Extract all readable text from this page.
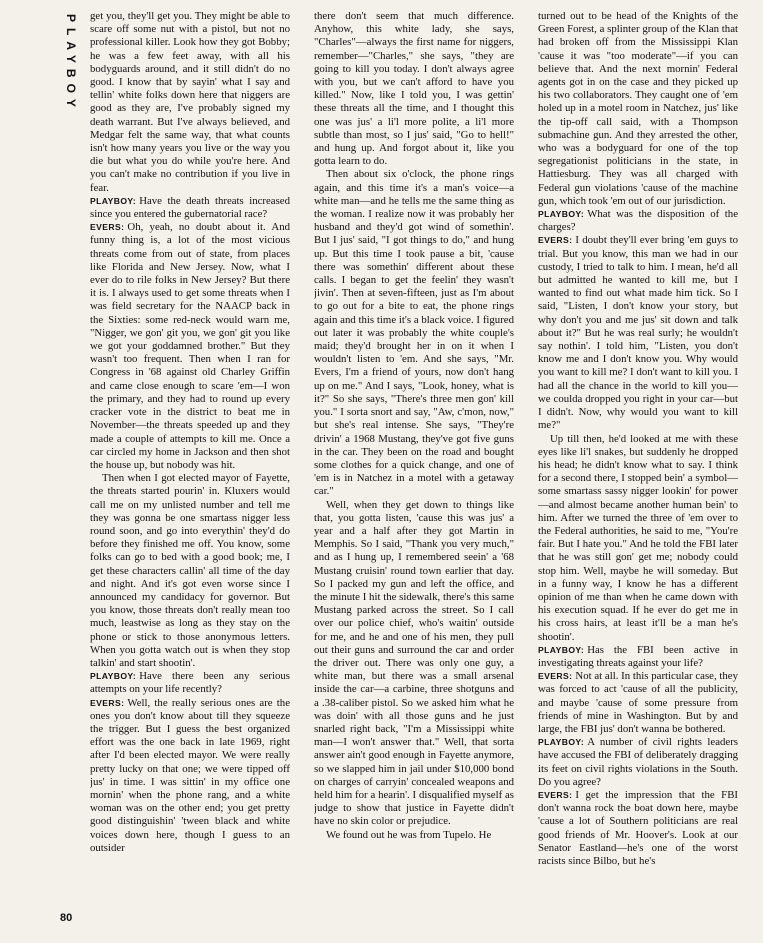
PLAYBOY get you, they'll get you. They might be able to scare off some nut with a pistol, but not no professional killer. Look how they got Bobby; he was a few feet away, with all his bodyguards around, and it still didn't do no good. I know that by sayin' what I say and tellin' white folks down here that niggers are good as they are, I've probably signed my death warrant. But I've always believed, and Medgar felt the same way, that what counts isn't how many years you live or the way you die but what you do while you're here. And you can't make no contribution if you live in fear.

PLAYBOY: Have the death threats increased since you entered the gubernatorial race?

EVERS: Oh, yeah, no doubt about it. And funny thing is, a lot of the most vicious threats come from out of state, from places like Florida and New Jersey. Now, what I ever do to rile folks in New Jersey? But there it is. I always used to get some threats when I was field secretary for the NAACP back in the Sixties: some red-neck would warn me, "Nigger, we gon' git you, we gon' git you like we got your goddamned brother." But they wasn't too frequent. Then when I ran for Congress in '68 against old Charley Griffin and came close enough to scare 'em—I won the primary, and they had to round up every cracker vote in the district to beat me in November—the threats speeded up and they made a couple of attempts to kill me. Once a car circled my home in Jackson and then shot the house up, but nobody was hit.

Then when I got elected mayor of Fayette, the threats started pourin' in. Kluxers would call me on my unlisted number and tell me they was gonna be one smartass nigger less round soon, and go into everythin' they'd do before they finished me off. You know, some folks can go to bed with a good book; me, I get these characters callin' all time of the day and night. And it's got even worse since I announced my candidacy for governor. But you know, those threats don't really mean too much, leastwise as long as they stay on the phone or stick to those anonymous letters. When you gotta watch out is when they stop talkin' and start shootin'.

PLAYBOY: Have there been any serious attempts on your life recently?

EVERS: Well, the really serious ones are the ones you don't know about till they squeeze the trigger. But I guess the best organized effort was the one back in late 1969, right after I'd been elected mayor. We were really pretty lucky on that one; we were tipped off jus' in time. I was sittin' in my office one mornin' when the phone rang, and a white woman was on the other end; you get pretty good distinguishin' 'tween black and white voices down here, though I guess to an outsider

there don't seem that much difference. Anyhow, this white lady, she says, "Charles"—always the first name for niggers, remember—"Charles," she says, "they are going to kill you today. I don't always agree with you, but we can't afford to have you killed." Now, like I told you, I was gettin' these threats all the time, and I thought this one was jus' a li'l more polite, a li'l more subtle than most, so I jus' said, "Go to hell!" and hung up. And forgot about it, like you gotta learn to do.

Then about six o'clock, the phone rings again, and this time it's a man's voice—a white man—and he tells me the same thing as the woman. I realize now it was probably her husband and they'd got wind of somethin'. But I jus' said, "I got things to do," and hung up. But this time I took pause a bit, 'cause there was somethin' different about these calls. I began to get the feelin' they wasn't jivin'. Then at seven-fifteen, just as I'm about to go out for a bite to eat, the phone rings again and this time it's a black voice. I figured out later it was probably the white couple's maid; they'd brought her in on it when I wouldn't listen to 'em. And she says, "Mr. Evers, I'm a friend of yours, now don't hang up on me." And I says, "Look, honey, what is it?" So she says, "There's three men gon' kill you." I sorta snort and say, "Aw, c'mon, now," but she's real intense. She says, "They're drivin' a 1968 Mustang, they've got five guns in the car. They been on the road and bought some clothes for a quick change, and one of 'em is in Natchez in a motel with a getaway car."

Well, when they get down to things like that, you gotta listen, 'cause this was jus' a year and a half after they got Martin in Memphis. So I said, "Thank you very much," and as I hung up, I remembered seein' a '68 Mustang cruisin' round town earlier that day. So I packed my gun and left the office, and the minute I hit the sidewalk, there's this same Mustang parked across the street. So I call over our police chief, who's waitin' outside for me, and he and one of his men, they pull out their guns and surround the car and order the driver out. There was only one guy, a white man, but there was a small arsenal inside the car—a carbine, three shotguns and a .38-caliber pistol. So we asked him what he was doin' with all those guns and he just snarled right back, "I'm a Mississippi white man—I won't answer that." Well, that sorta answer ain't good enough in Fayette anymore, so we slapped him in jail under $10,000 bond on charges of carryin' concealed weapons and held him for a hearin'. I disqualified myself as judge to show that justice in Fayette didn't have no skin color or prejudice.

We found out he was from Tupelo. He

turned out to be head of the Knights of the Green Forest, a splinter group of the Klan that had broken off from the Mississippi Klan 'cause it was "too moderate"—if you can believe that. And the next mornin' Federal agents got in on the case and they picked up his two collaborators. They caught one of 'em holed up in a motel room in Natchez, jus' like the tip-off call said, with a Thompson submachine gun. And they arrested the other, who was a bodyguard for one of the top segregationist politicians in the state, in Hattiesburg. They was all charged with Federal gun violations 'cause of the machine gun, which took 'em out of our jurisdiction.

PLAYBOY: What was the disposition of the charges?

EVERS: I doubt they'll ever bring 'em guys to trial. But you know, this man we had in our custody, I tried to talk to him. I mean, he'd all but admitted he wanted to kill me, but I wanted to find out what made him tick. So I said, "Listen, I don't know your story, but why don't you and me jus' sit down and talk about it?" But he was real surly; he wouldn't say nothin'. I told him, "Listen, you don't know me and I don't know you. Why would you want to kill me? I don't want to kill you. I had all the chance in the world to kill you—we coulda dropped you right in your car—but I didn't. Now, why would you want to kill me?"

Up till then, he'd looked at me with these eyes like li'l snakes, but suddenly he dropped his head; he didn't know what to say. I think for a second there, I stopped bein' a symbol—some smartass sassy nigger lookin' for power—and almost became another human bein' to him. After we turned the three of 'em over to the Federal authorities, he said to me, "You're fair. But I hate you." And he told the FBI later that he was still gon' get me; nobody could stop him. Well, maybe he will someday. But in a funny way, I know he has a different opinion of me than when he came down with his execution squad. If he ever do get me in his cross hairs, at least it'll be a man he's shootin'.

PLAYBOY: Has the FBI been active in investigating threats against your life?

EVERS: Not at all. In this particular case, they was forced to act 'cause of all the publicity, and maybe 'cause of some pressure from friends of mine in Washington. But by and large, the FBI jus' don't wanna be bothered.

PLAYBOY: A number of civil rights leaders have accused the FBI of deliberately dragging its feet on civil rights violations in the South. Do you agree?

EVERS: I get the impression that the FBI don't wanna rock the boat down here, maybe 'cause a lot of Southern politicians are real good friends of Mr. Hoover's. Look at our Senator Eastland—he's one of the worst racists since Bilbo, but he's

80
